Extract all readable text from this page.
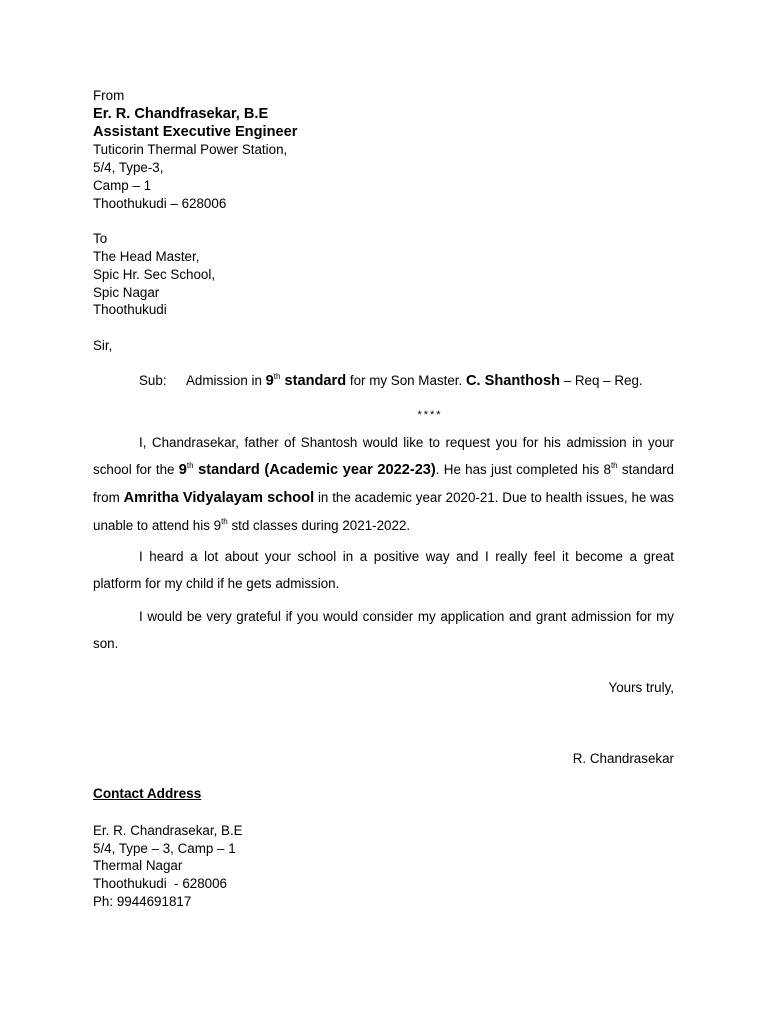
From
Er. R. Chandfrasekar, B.E
Assistant Executive Engineer
Tuticorin Thermal Power Station,
5/4, Type-3,
Camp – 1
Thoothukudi – 628006
To
The Head Master,
Spic Hr. Sec School,
Spic Nagar
Thoothukudi
Sir,
Sub: Admission in 9th standard for my Son Master. C. Shanthosh – Req – Reg.
****
I, Chandrasekar, father of Shantosh would like to request you for his admission in your school for the 9th standard (Academic year 2022-23). He has just completed his 8th standard from Amritha Vidyalayam school in the academic year 2020-21. Due to health issues, he was unable to attend his 9th std classes during 2021-2022.
I heard a lot about your school in a positive way and I really feel it become a great platform for my child if he gets admission.
I would be very grateful if you would consider my application and grant admission for my son.
Yours truly,
R. Chandrasekar
Contact Address
Er. R. Chandrasekar, B.E
5/4, Type – 3, Camp – 1
Thermal Nagar
Thoothukudi  - 628006
Ph: 9944691817
